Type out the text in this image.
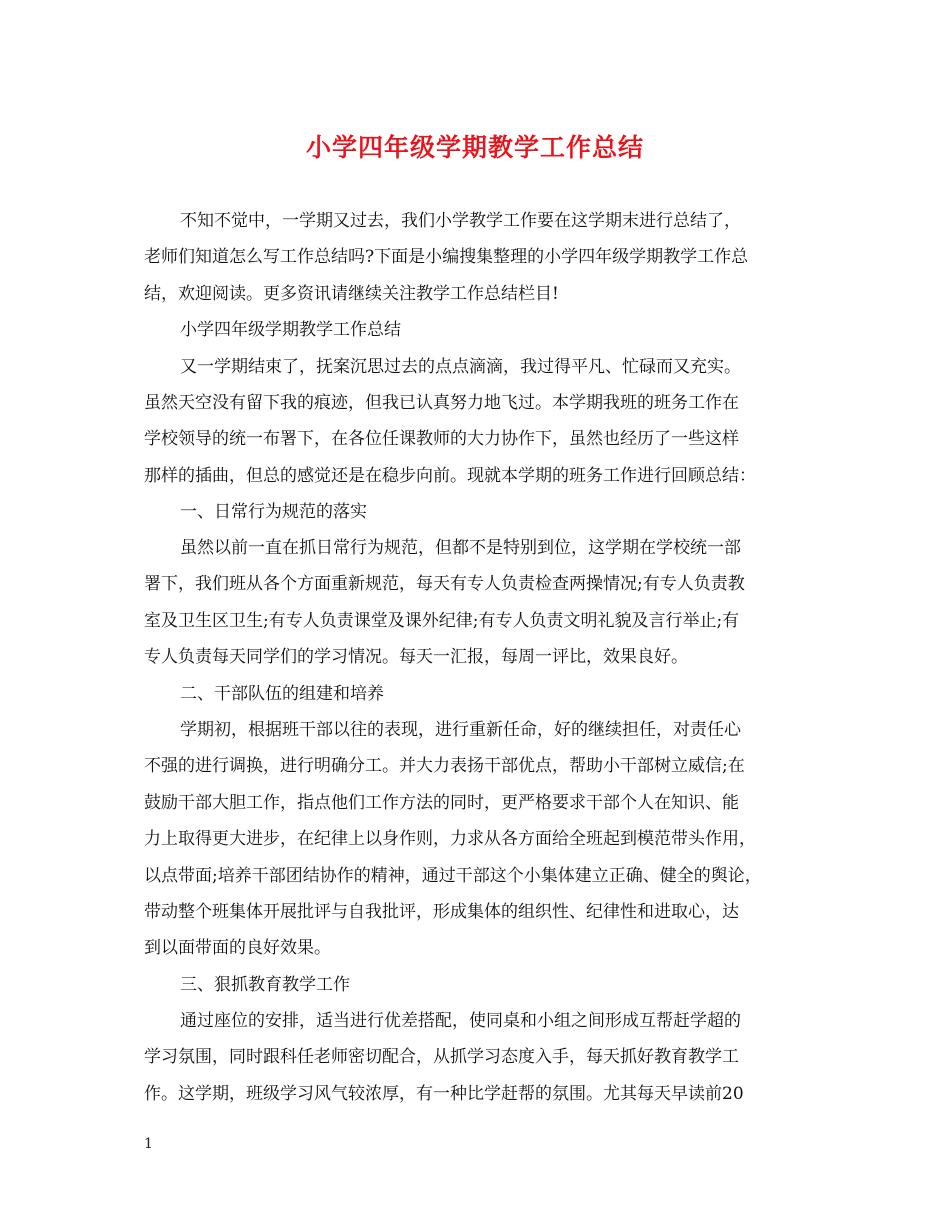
小学四年级学期教学工作总结
不知不觉中，一学期又过去，我们小学教学工作要在这学期末进行总结了，
老师们知道怎么写工作总结吗?下面是小编搜集整理的小学四年级学期教学工作总
结，欢迎阅读。更多资讯请继续关注教学工作总结栏目!
小学四年级学期教学工作总结
又一学期结束了，抚案沉思过去的点点滴滴，我过得平凡、忙碌而又充实。
虽然天空没有留下我的痕迹，但我已认真努力地飞过。本学期我班的班务工作在
学校领导的统一布署下，在各位任课教师的大力协作下，虽然也经历了一些这样
那样的插曲，但总的感觉还是在稳步向前。现就本学期的班务工作进行回顾总结：
一、日常行为规范的落实
虽然以前一直在抓日常行为规范，但都不是特别到位，这学期在学校统一部
署下，我们班从各个方面重新规范，每天有专人负责检查两操情况;有专人负责教
室及卫生区卫生;有专人负责课堂及课外纪律;有专人负责文明礼貌及言行举止;有
专人负责每天同学们的学习情况。每天一汇报，每周一评比，效果良好。
二、干部队伍的组建和培养
学期初，根据班干部以往的表现，进行重新任命，好的继续担任，对责任心
不强的进行调换，进行明确分工。并大力表扬干部优点，帮助小干部树立威信;在
鼓励干部大胆工作，指点他们工作方法的同时，更严格要求干部个人在知识、能
力上取得更大进步，在纪律上以身作则，力求从各方面给全班起到模范带头作用，
以点带面;培养干部团结协作的精神，通过干部这个小集体建立正确、健全的舆论，
带动整个班集体开展批评与自我批评，形成集体的组织性、纪律性和进取心，达
到以面带面的良好效果。
三、狠抓教育教学工作
通过座位的安排，适当进行优差搭配，使同桌和小组之间形成互帮赶学超的
学习氛围，同时跟科任老师密切配合，从抓学习态度入手，每天抓好教育教学工
作。这学期，班级学习风气较浓厚，有一种比学赶帮的氛围。尤其每天早读前20
1
